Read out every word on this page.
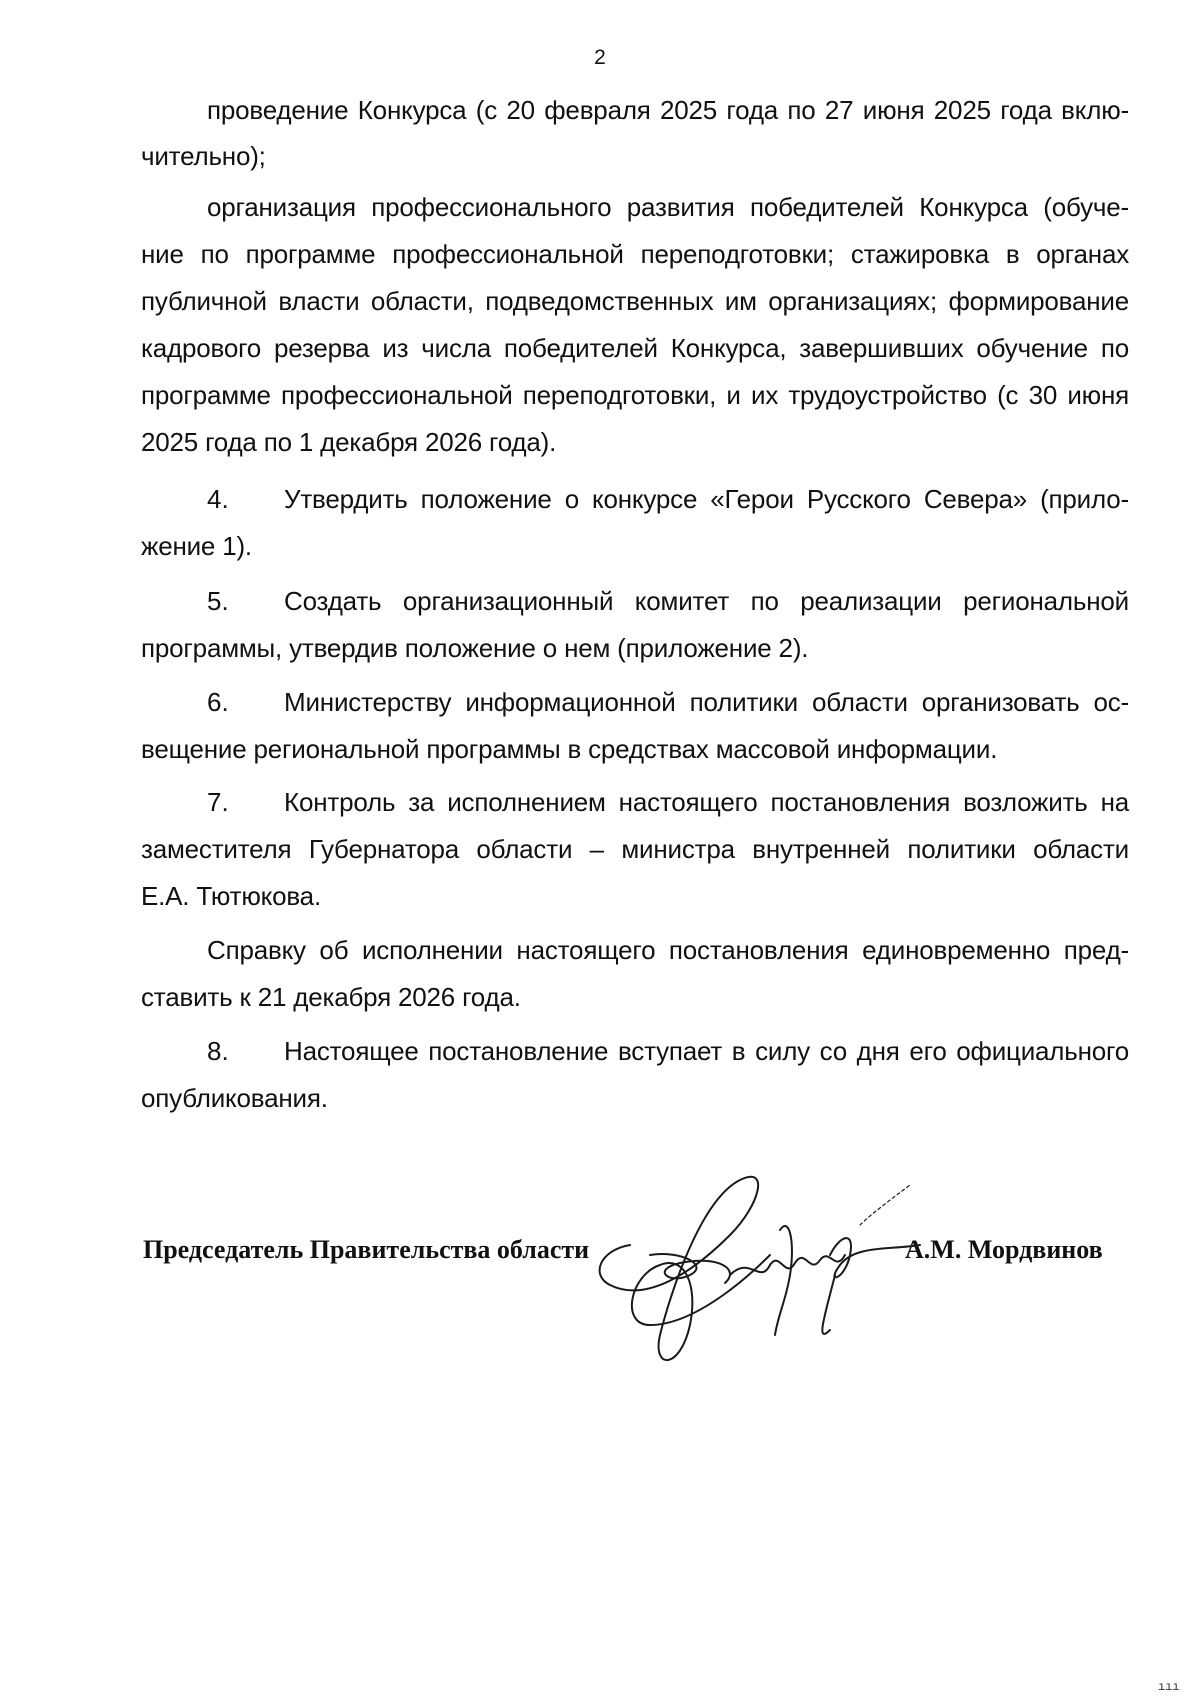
2
проведение Конкурса (с 20 февраля 2025 года по 27 июня 2025 года вклю-
чительно);
организация профессионального развития победителей Конкурса (обуче-
ние по программе профессиональной переподготовки; стажировка в органах
публичной власти области, подведомственных им организациях; формирование
кадрового резерва из числа победителей Конкурса, завершивших обучение по
программе профессиональной переподготовки, и их трудоустройство (с 30 июня
2025 года по 1 декабря 2026 года).
4.	Утвердить положение о конкурсе «Герои Русского Севера» (прило-
жение 1).
5.	Создать организационный комитет по реализации региональной
программы, утвердив положение о нем (приложение 2).
6.	Министерству информационной политики области организовать ос-
вещение региональной программы в средствах массовой информации.
7.	Контроль за исполнением настоящего постановления возложить на
заместителя Губернатора области – министра внутренней политики области
Е.А. Тютюкова.
Справку об исполнении настоящего постановления единовременно пред-
ставить к 21 декабря 2026 года.
8.	Настоящее постановление вступает в силу со дня его официального
опубликования.
Председатель Правительства области	А.М. Мордвинов
ııı
